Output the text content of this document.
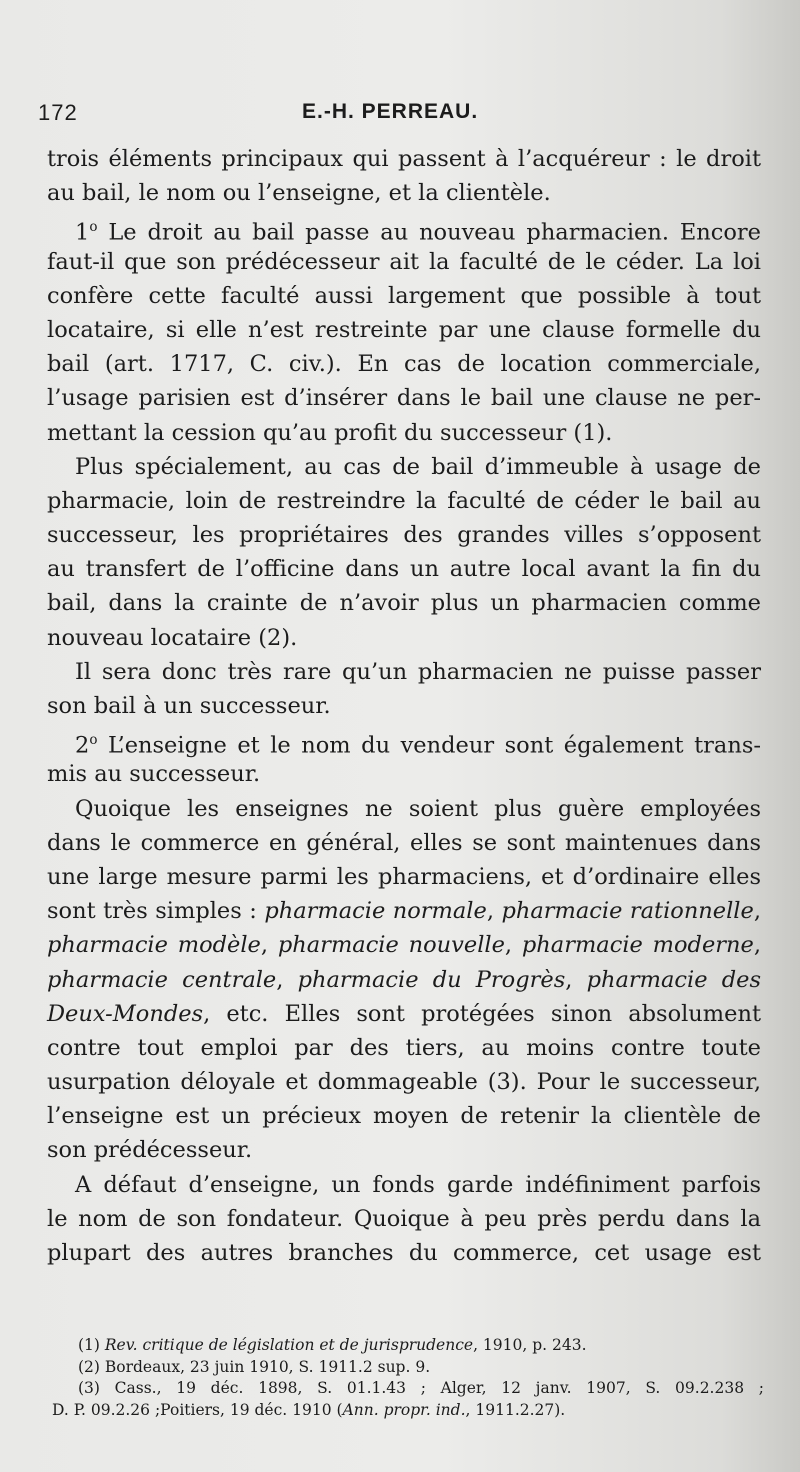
172	E.-H. PERREAU.
trois éléments principaux qui passent à l’acquéreur : le droit
au bail, le nom ou l’enseigne, et la clientèle.
1$^o$ Le droit au bail passe au nouveau pharmacien. Encore
faut-il que son prédécesseur ait la faculté de le céder. La loi
confère cette faculté aussi largement que possible à tout
locataire, si elle n’est restreinte par une clause formelle du
bail (art. 1717, C. civ.). En cas de location commerciale,
l’usage parisien est d’insérer dans le bail une clause ne per-
mettant la cession qu’au profit du successeur (1).
Plus spécialement, au cas de bail d’immeuble à usage de
pharmacie, loin de restreindre la faculté de céder le bail au
successeur, les propriétaires des grandes villes s’opposent
au transfert de l’officine dans un autre local avant la fin du
bail, dans la crainte de n’avoir plus un pharmacien comme
nouveau locataire (2).
Il sera donc très rare qu’un pharmacien ne puisse passer
son bail à un successeur.
2$^o$ L’enseigne et le nom du vendeur sont également trans-
mis au successeur.
Quoique les enseignes ne soient plus guère employées
dans le commerce en général, elles se sont maintenues dans
une large mesure parmi les pharmaciens, et d’ordinaire elles
sont très simples : pharmacie normale, pharmacie rationnelle,
pharmacie modèle, pharmacie nouvelle, pharmacie moderne,
pharmacie centrale, pharmacie du Progrès, pharmacie des
Deux-Mondes, etc. Elles sont protégées sinon absolument
contre tout emploi par des tiers, au moins contre toute
usurpation déloyale et dommageable (3). Pour le successeur,
l’enseigne est un précieux moyen de retenir la clientèle de
son prédécesseur.
A défaut d’enseigne, un fonds garde indéfiniment parfois
le nom de son fondateur. Quoique à peu près perdu dans la
plupart des autres branches du commerce, cet usage est
(1) Rev. critique de législation et de jurisprudence, 1910, p. 243.
(2) Bordeaux, 23 juin 1910, S. 1911.2 sup. 9.
(3) Cass., 19 déc. 1898, S. 01.1.43 ; Alger, 12 janv. 1907, S. 09.2.238 ;
D. P. 09.2.26 ;Poitiers, 19 déc. 1910 (Ann. propr. ind., 1911.2.27).
